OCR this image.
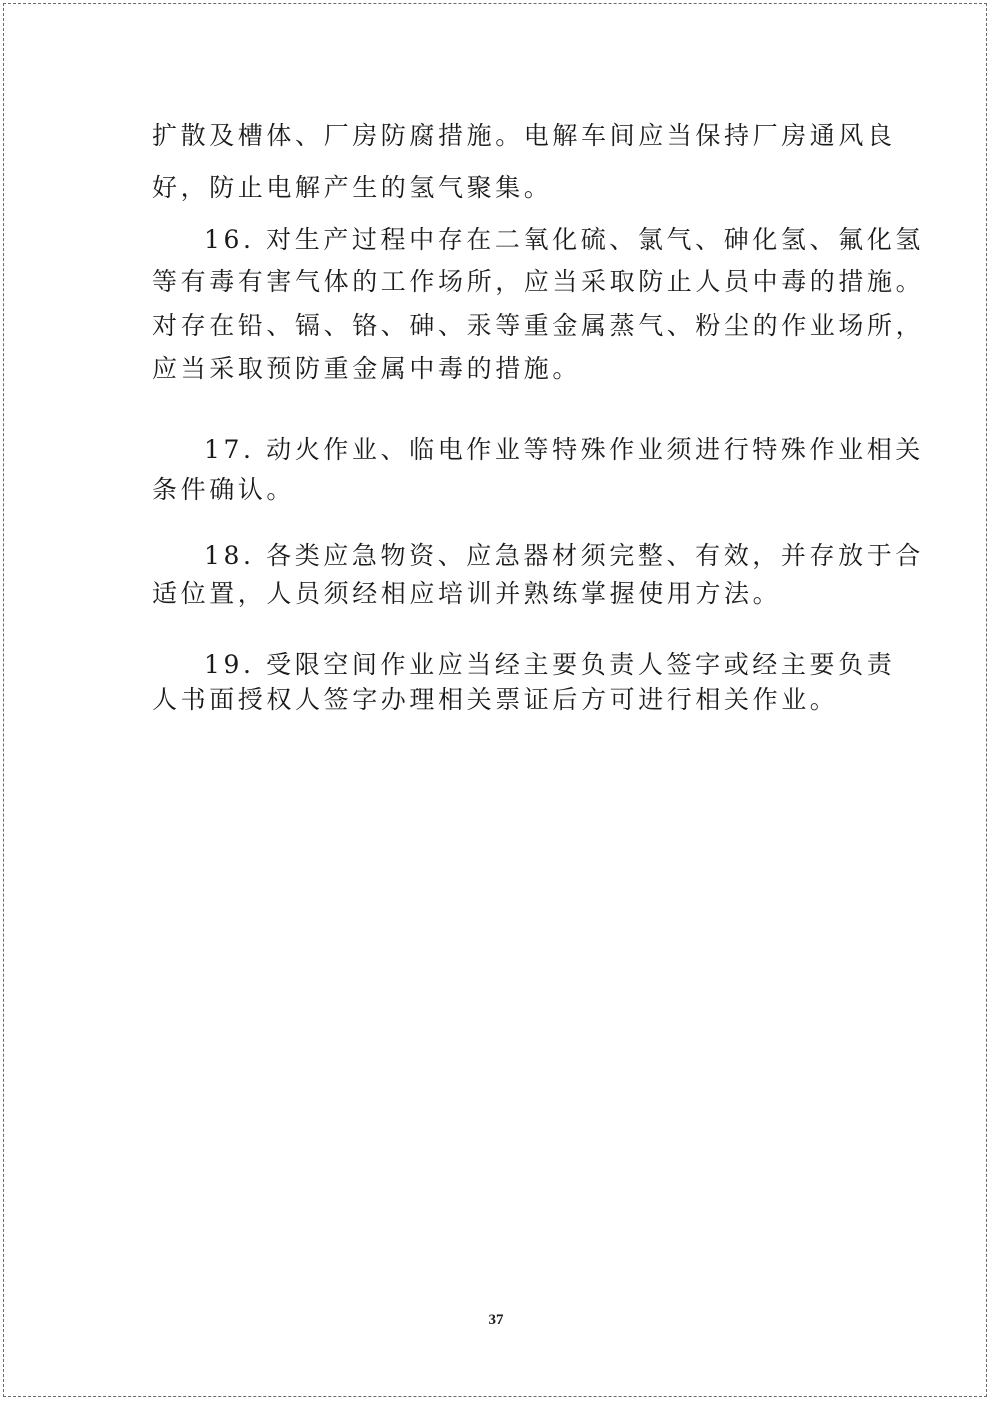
扩散及槽体、厂房防腐措施。电解车间应当保持厂房通风良
好，防止电解产生的氢气聚集。
16. 对生产过程中存在二氧化硫、氯气、砷化氢、氟化氢
等有毒有害气体的工作场所，应当采取防止人员中毒的措施。
对存在铅、镉、铬、砷、汞等重金属蒸气、粉尘的作业场所，
应当采取预防重金属中毒的措施。
17. 动火作业、临电作业等特殊作业须进行特殊作业相关
条件确认。
18. 各类应急物资、应急器材须完整、有效，并存放于合
适位置，人员须经相应培训并熟练掌握使用方法。
19. 受限空间作业应当经主要负责人签字或经主要负责
人书面授权人签字办理相关票证后方可进行相关作业。
37
